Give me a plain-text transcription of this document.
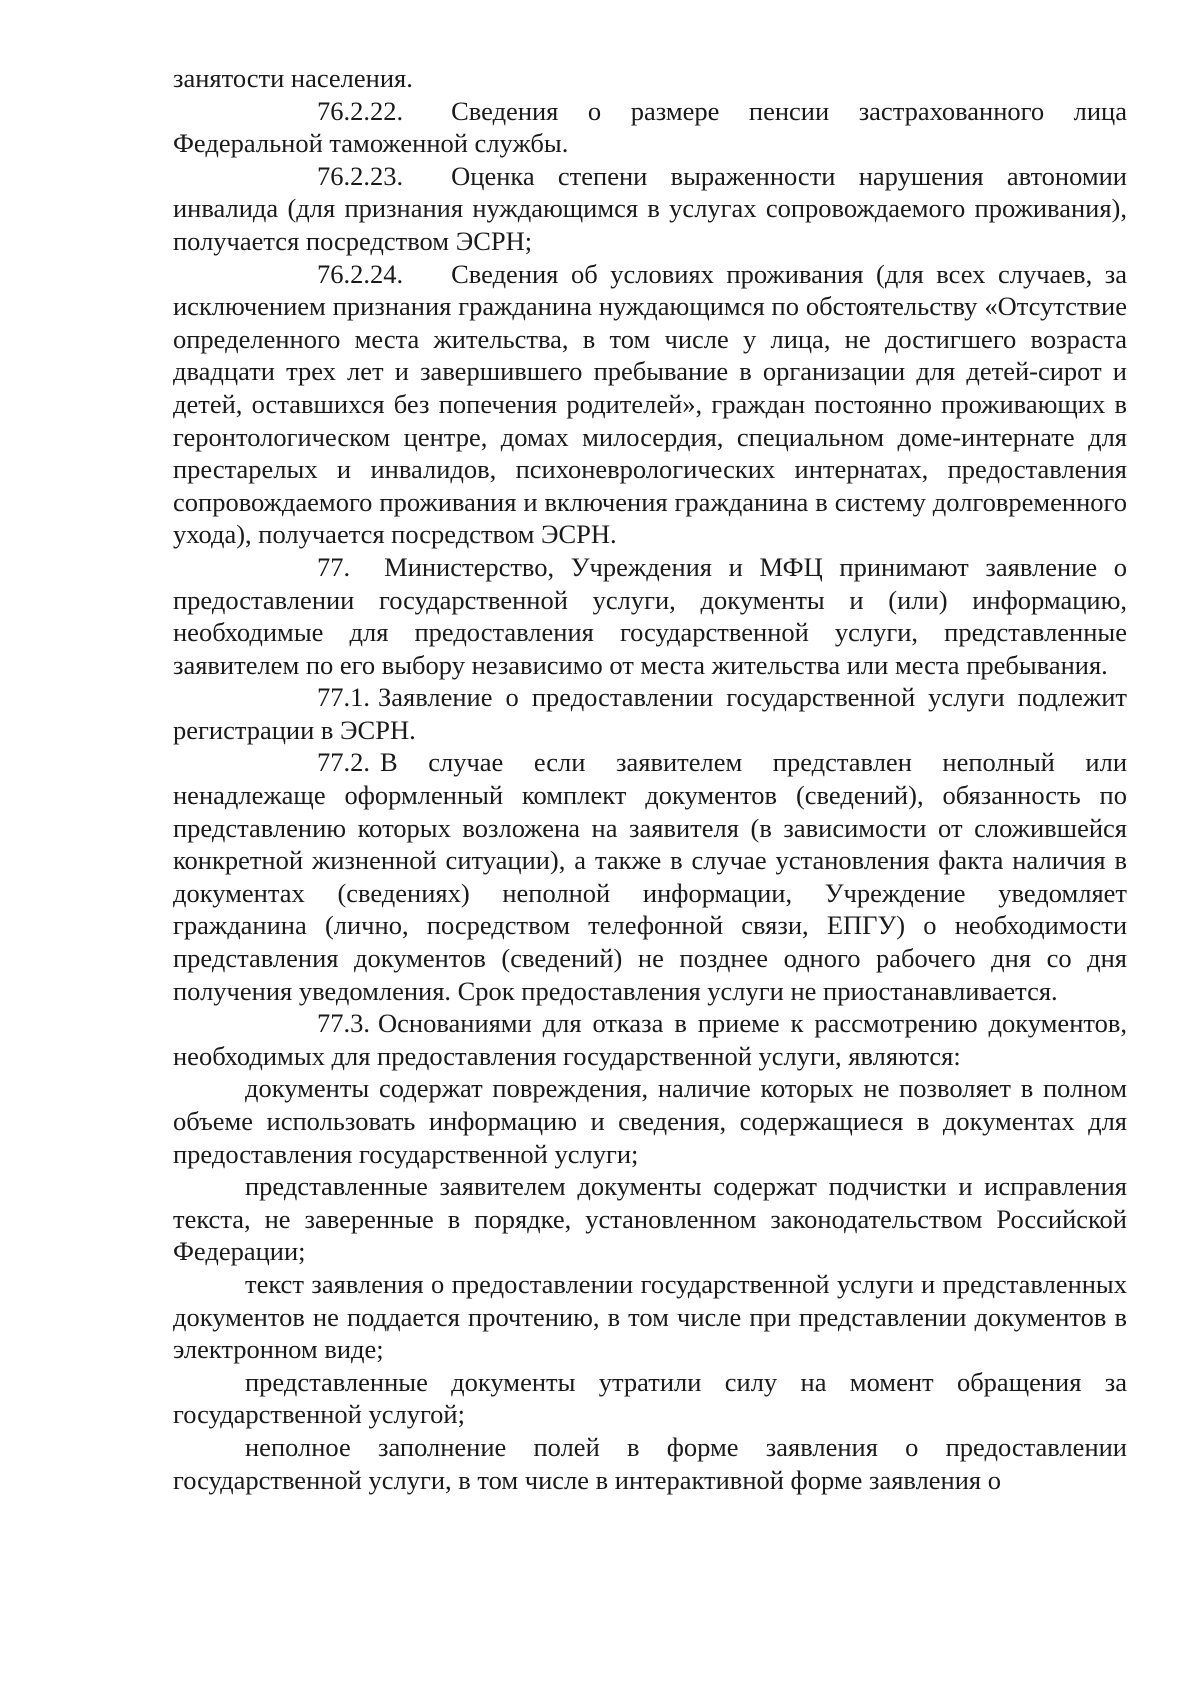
занятости населения.

76.2.22. Сведения о размере пенсии застрахованного лица Федеральной таможенной службы.

76.2.23. Оценка степени выраженности нарушения автономии инвалида (для признания нуждающимся в услугах сопровождаемого проживания), получается посредством ЭСРН;

76.2.24. Сведения об условиях проживания (для всех случаев, за исключением признания гражданина нуждающимся по обстоятельству «Отсутствие определенного места жительства, в том числе у лица, не достигшего возраста двадцати трех лет и завершившего пребывание в организации для детей-сирот и детей, оставшихся без попечения родителей», граждан постоянно проживающих в геронтологическом центре, домах милосердия, специальном доме-интернате для престарелых и инвалидов, психоневрологических интернатах, предоставления сопровождаемого проживания и включения гражданина в систему долговременного ухода), получается посредством ЭСРН.

77. Министерство, Учреждения и МФЦ принимают заявление о предоставлении государственной услуги, документы и (или) информацию, необходимые для предоставления государственной услуги, представленные заявителем по его выбору независимо от места жительства или места пребывания.

77.1. Заявление о предоставлении государственной услуги подлежит регистрации в ЭСРН.

77.2. В случае если заявителем представлен неполный или ненадлежаще оформленный комплект документов (сведений), обязанность по представлению которых возложена на заявителя (в зависимости от сложившейся конкретной жизненной ситуации), а также в случае установления факта наличия в документах (сведениях) неполной информации, Учреждение уведомляет гражданина (лично, посредством телефонной связи, ЕПГУ) о необходимости представления документов (сведений) не позднее одного рабочего дня со дня получения уведомления. Срок предоставления услуги не приостанавливается.

77.3. Основаниями для отказа в приеме к рассмотрению документов, необходимых для предоставления государственной услуги, являются:

документы содержат повреждения, наличие которых не позволяет в полном объеме использовать информацию и сведения, содержащиеся в документах для предоставления государственной услуги;

представленные заявителем документы содержат подчистки и исправления текста, не заверенные в порядке, установленном законодательством Российской Федерации;

текст заявления о предоставлении государственной услуги и представленных документов не поддается прочтению, в том числе при представлении документов в электронном виде;

представленные документы утратили силу на момент обращения за государственной услугой;

неполное заполнение полей в форме заявления о предоставлении государственной услуги, в том числе в интерактивной форме заявления о
